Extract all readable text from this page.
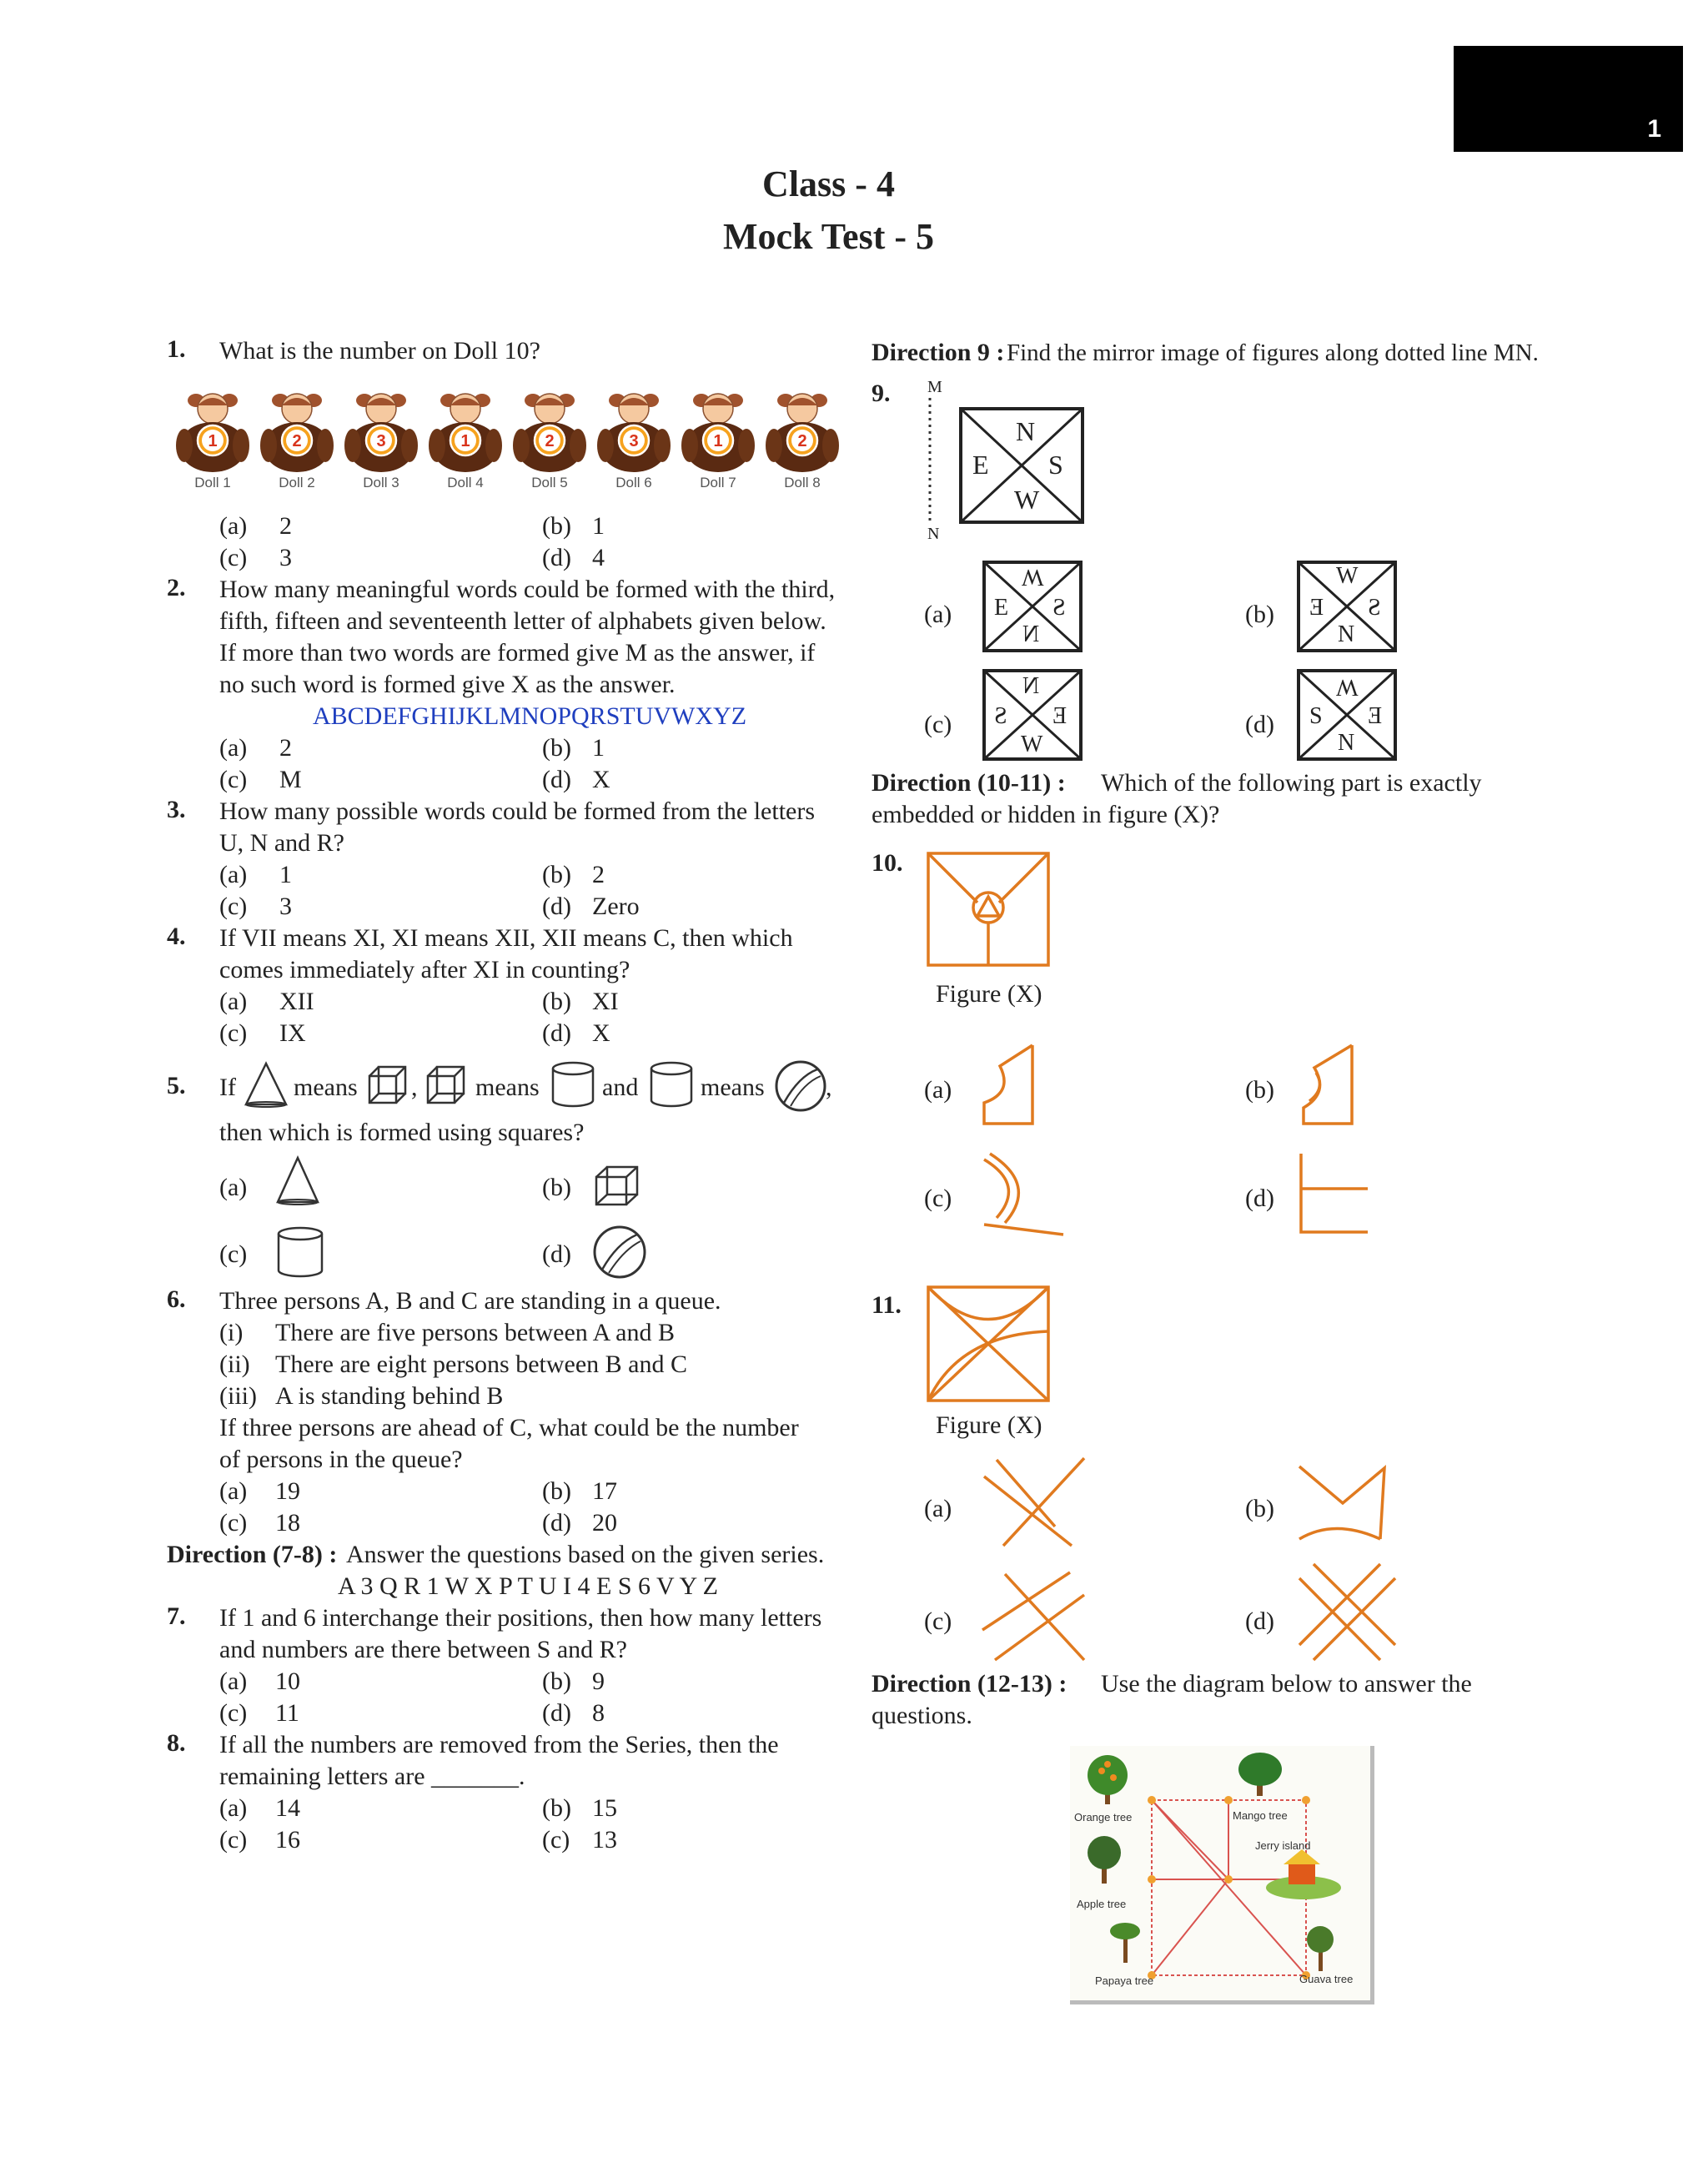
1
Class - 4
Mock Test - 5
1. What is the number on Doll 10?
1
Doll 1
2
Doll 2
3
Doll 3
1
Doll 4
2
Doll 5
3
Doll 6
1
Doll 7
2
Doll 8
(a) 2	(b) 1
(c) 3	(d) 4
2. How many meaningful words could be formed with the third,
fifth, fifteen and seventeenth letter of alphabets given below.
If more than two words are formed give M as the answer, if
no such word is formed give X as the answer.
ABCDEFGHIJKLMNOPQRSTUVWXYZ
(a) 2	(b) 1
(c) M	(d) X
3. How many possible words could be formed from the letters
U, N and R?
(a) 1	(b) 2
(c) 3	(d) Zero
4. If VII means XI, XI means XII, XII means C, then which
comes immediately after XI in counting?
(a) XII	(b) XI
(c) IX	(d) X
5. If means , means	and means ,
then which is formed using squares?
(a)	(b)
(c)	(d)
6. Three persons A, B and C are standing in a queue.
(i) There are five persons between A and B
(ii) There are eight persons between B and C
(iii) A is standing behind B
If three persons are ahead of C, what could be the number
of persons in the queue?
(a) 19	(b) 17
(c) 18	(d) 20
Direction (7-8) : Answer the questions based on the given series.
A 3 Q R 1 W X P T U I 4 E S 6 V Y Z
7. If 1 and 6 interchange their positions, then how many letters
and numbers are there between S and R?
(a) 10	(b) 9
(c) 11	(d) 8
8. If all the numbers are removed from the Series, then the
remaining letters are _______.
(a) 14	(b) 15
(c) 16	(c) 13
Direction 9 : Find the mirror image of figures along dotted line MN.
9. M
N
N
E S
W
(a)
W
E S
N
(b)
W
E S
N
(c)
N
S E
W
(d)
W
S E
N
Direction (10-11) : Which of the following part is exactly
embedded or hidden in figure (X)?
10.
Figure (X)
(a)	(b)
(c)	(d)
11.
Figure (X)
(a)	(b)
(c)	(d)
Direction (12-13) : Use the diagram below to answer the
questions.
Orange tree	Mango tree
Jerry island
Apple tree
Papaya tree	Guava tree
